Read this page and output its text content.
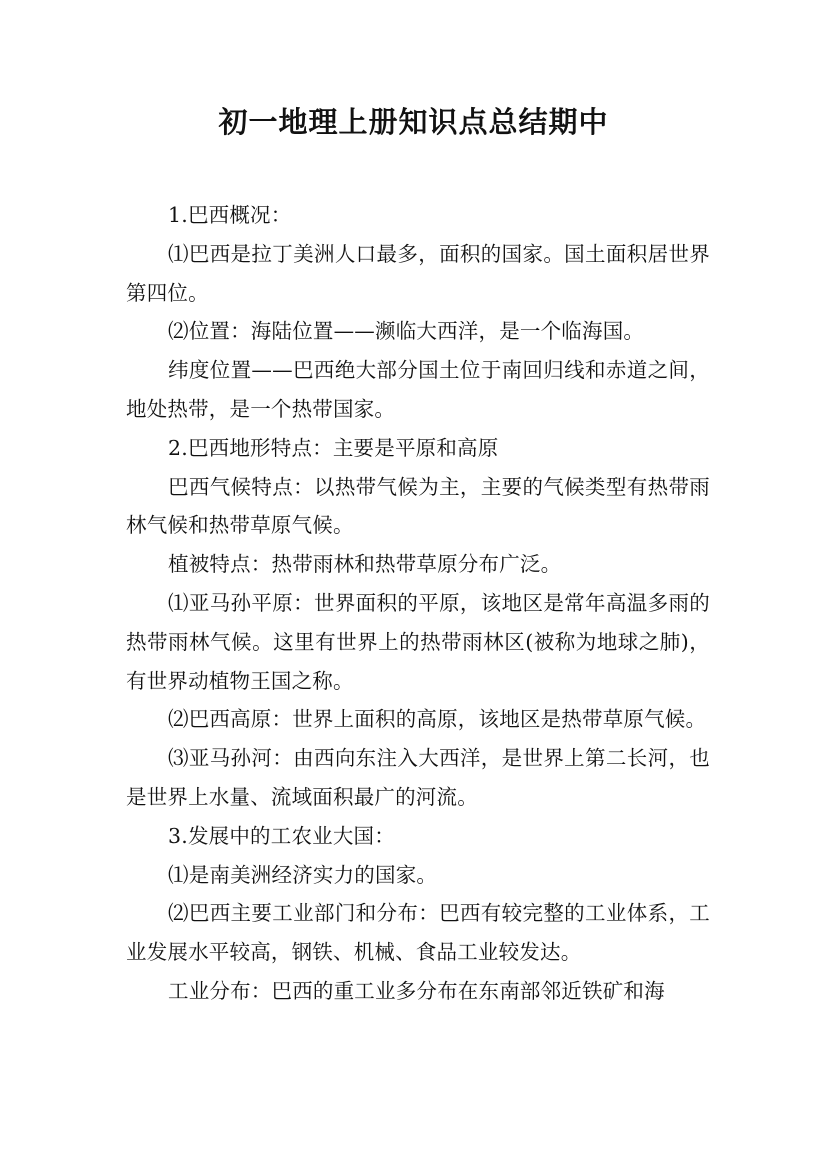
初一地理上册知识点总结期中

1.巴西概况：

⑴巴西是拉丁美洲人口最多，面积的国家。国土面积居世界第四位。

⑵位置：海陆位置——濒临大西洋，是一个临海国。

纬度位置——巴西绝大部分国土位于南回归线和赤道之间，地处热带，是一个热带国家。

2.巴西地形特点：主要是平原和高原

巴西气候特点：以热带气候为主，主要的气候类型有热带雨林气候和热带草原气候。

植被特点：热带雨林和热带草原分布广泛。

⑴亚马孙平原：世界面积的平原，该地区是常年高温多雨的热带雨林气候。这里有世界上的热带雨林区(被称为地球之肺)，有世界动植物王国之称。

⑵巴西高原：世界上面积的高原，该地区是热带草原气候。

⑶亚马孙河：由西向东注入大西洋，是世界上第二长河，也是世界上水量、流域面积最广的河流。

3.发展中的工农业大国：

⑴是南美洲经济实力的国家。

⑵巴西主要工业部门和分布：巴西有较完整的工业体系，工业发展水平较高，钢铁、机械、食品工业较发达。

工业分布：巴西的重工业多分布在东南部邻近铁矿和海
